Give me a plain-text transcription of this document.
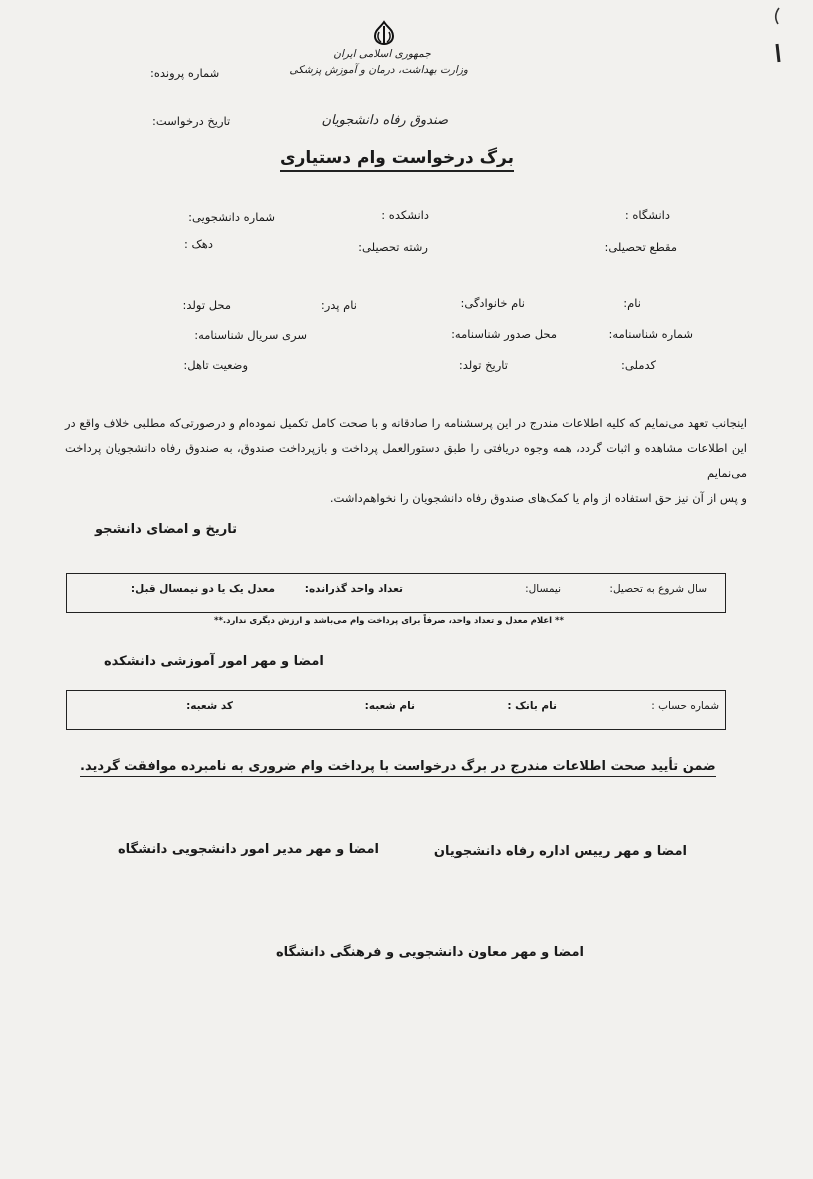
شماره پرونده:
تاریخ درخواست:
جمهوری اسلامی ایران
وزارت بهداشت، درمان و آموزش پزشکی
صندوق رفاه دانشجویان
برگ درخواست وام دستیاری
دانشگاه :
دانشکده :
شماره دانشجویی:
مقطع تحصیلی:
رشته تحصیلی:
دهک :
نام:
نام خانوادگی:
نام پدر:
محل تولد:
شماره شناسنامه:
محل صدور شناسنامه:
سری سریال شناسنامه:
کدملی:
تاریخ تولد:
وضعیت تاهل:
اینجانب تعهد می‌نمایم که کلیه اطلاعات مندرج در این پرسشنامه را صادقانه و با صحت کامل تکمیل نموده‌ام و درصورتی‌که مطلبی خلاف واقع در
این اطلاعات مشاهده و اثبات گردد، همه وجوه دریافتی را طبق دستورالعمل پرداخت و بازپرداخت صندوق، به صندوق رفاه دانشجویان پرداخت می‌نمایم
و پس از آن نیز حق استفاده از وام یا کمک‌های صندوق رفاه دانشجویان را نخواهم‌داشت.
تاریخ و امضای دانشجو
سال شروع به تحصیل:
نیمسال:
تعداد واحد گذرانده:
معدل یک یا دو نیمسال قبل:
** اعلام معدل و تعداد واحد، صرفاً برای پرداخت وام می‌باشد و ارزش دیگری ندارد.**
امضا و مهر امور آموزشی دانشکده
شماره حساب :
نام بانک :
نام شعبه:
کد شعبه:
ضمن تأیید صحت اطلاعات مندرج در برگ درخواست با پرداخت وام ضروری به نامبرده موافقت گردید.
امضا و مهر رییس اداره رفاه دانشجویان
امضا و مهر مدیر امور دانشجویی دانشگاه
امضا و مهر معاون دانشجویی و فرهنگی دانشگاه
